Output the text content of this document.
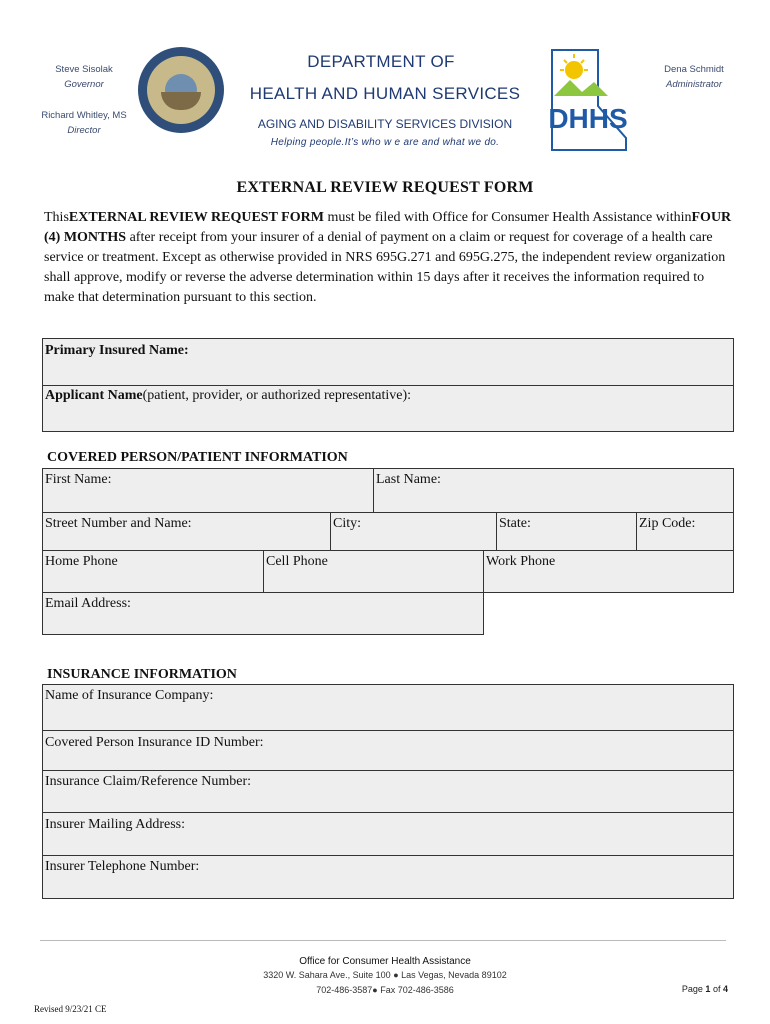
Steve Sisolak
Governor
Richard Whitley, MS
Director
DEPARTMENT OF
HEALTH AND HUMAN SERVICES
AGING AND DISABILITY SERVICES DIVISION
Helping people.It’s who w e are and what we do.
DHHS
Dena Schmidt
Administrator
EXTERNAL REVIEW REQUEST FORM
ThisEXTERNAL REVIEW REQUEST FORM must be filed with Office for Consumer Health Assistance withinFOUR (4) MONTHS after receipt from your insurer of a denial of payment on a claim or request for coverage of a health care service or treatment. Except as otherwise provided in NRS 695G.271 and 695G.275, the independent review organization shall approve, modify or reverse the adverse determination within 15 days after it receives the information required to make that determination pursuant to this section.
Primary Insured Name:
Applicant Name(patient, provider, or authorized representative):
COVERED PERSON/PATIENT INFORMATION
First Name:	Last Name:
Street Number and Name:	City:	State:	Zip Code:
Home Phone	Cell Phone	Work Phone
Email Address:
INSURANCE INFORMATION
Name of Insurance Company:
Covered Person Insurance ID Number:
Insurance Claim/Reference Number:
Insurer Mailing Address:
Insurer Telephone Number:
Office for Consumer Health Assistance
3320 W. Sahara Ave., Suite 100 ● Las Vegas, Nevada 89102
702-486-3587● Fax 702-486-3586	Page 1 of 4
Revised 9/23/21 CE
